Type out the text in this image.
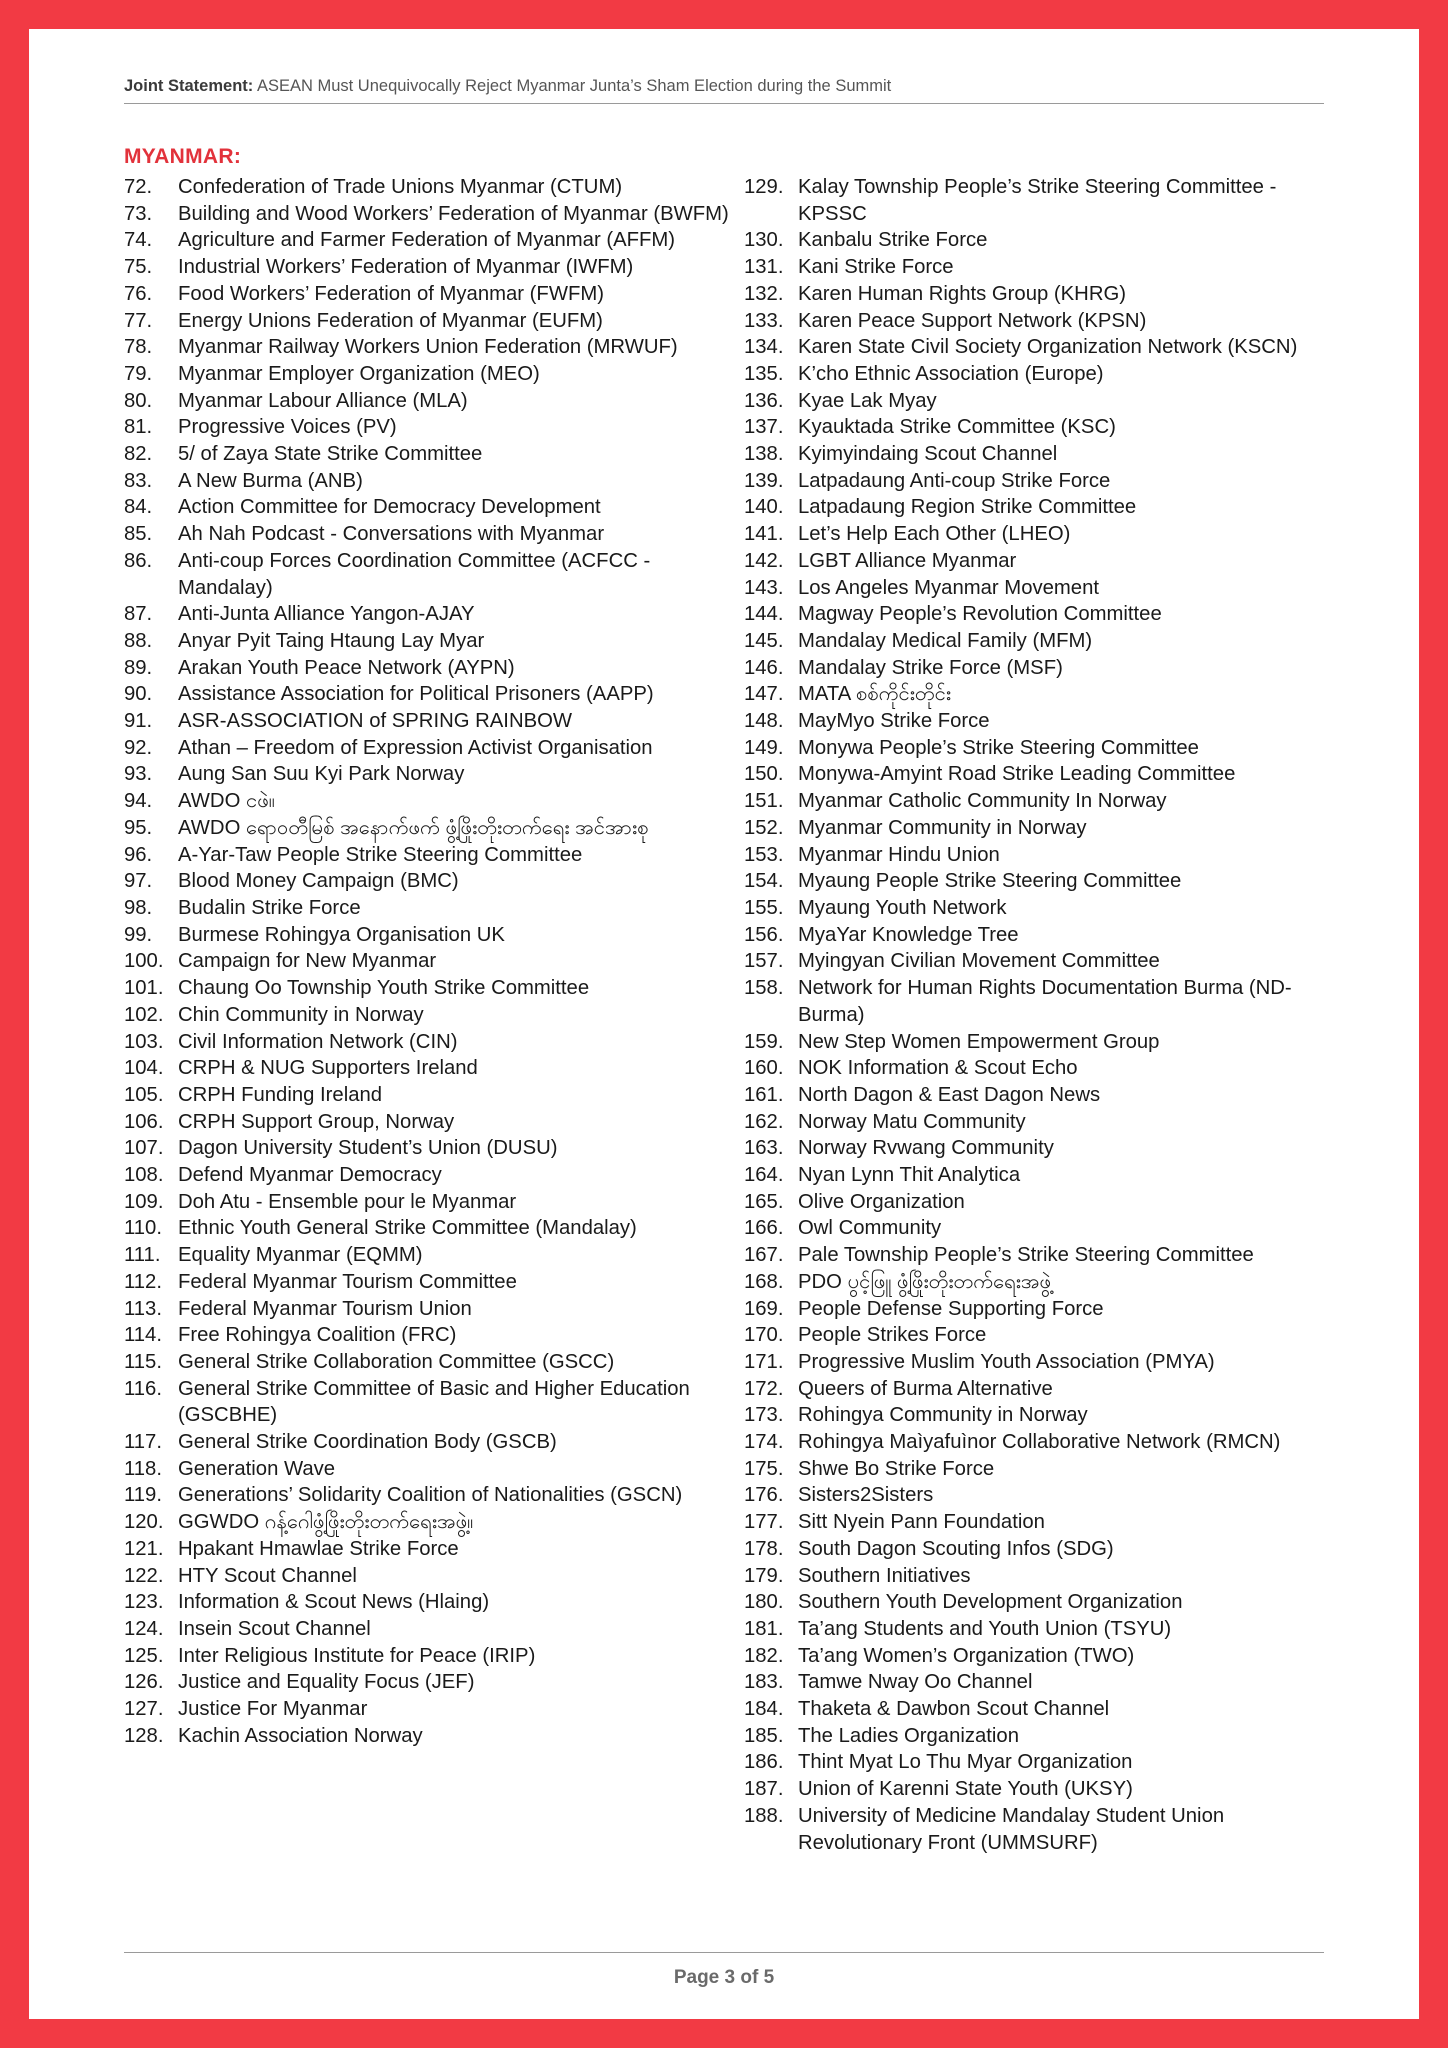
Joint Statement: ASEAN Must Unequivocally Reject Myanmar Junta’s Sham Election during the Summit
MYANMAR:
72.	Confederation of Trade Unions Myanmar (CTUM)
73.	Building and Wood Workers’ Federation of Myanmar (BWFM)
74.	Agriculture and Farmer Federation of Myanmar (AFFM)
75.	Industrial Workers’ Federation of Myanmar (IWFM)
76.	Food Workers’ Federation of Myanmar (FWFM)
77.	Energy Unions Federation of Myanmar (EUFM)
78.	Myanmar Railway Workers Union Federation (MRWUF)
79.	Myanmar Employer Organization (MEO)
80.	Myanmar Labour Alliance (MLA)
81.	Progressive Voices (PV)
82.	5/ of Zaya State Strike Committee
83.	A New Burma (ANB)
84.	Action Committee for Democracy Development
85.	Ah Nah Podcast - Conversations with Myanmar
86.	Anti-coup Forces Coordination Committee (ACFCC -Mandalay)
87.	Anti-Junta Alliance Yangon-AJAY
88.	Anyar Pyit Taing Htaung Lay Myar
89.	Arakan Youth Peace Network (AYPN)
90.	Assistance Association for Political Prisoners (AAPP)
91.	ASR-ASSOCIATION of SPRING RAINBOW
92.	Athan – Freedom of Expression Activist Organisation
93.	Aung San Suu Kyi Park Norway
94.	AWDO ငဖဲ။
95.	AWDO ရောဝတီမြစ် အနောက်ဖက် ဖွံ့ဖြိုးတိုးတက်ရေး အင်အားစု
96.	A-Yar-Taw People Strike Steering Committee
97.	Blood Money Campaign (BMC)
98.	Budalin Strike Force
99.	Burmese Rohingya Organisation UK
100. Campaign for New Myanmar
101. Chaung Oo Township Youth Strike Committee
102. Chin Community in Norway
103. Civil Information Network (CIN)
104. CRPH & NUG Supporters Ireland
105. CRPH Funding Ireland
106. CRPH Support Group, Norway
107. Dagon University Student’s Union (DUSU)
108. Defend Myanmar Democracy
109. Doh Atu - Ensemble pour le Myanmar
110. Ethnic Youth General Strike Committee (Mandalay)
111. Equality Myanmar (EQMM)
112. Federal Myanmar Tourism Committee
113. Federal Myanmar Tourism Union
114. Free Rohingya Coalition (FRC)
115. General Strike Collaboration Committee (GSCC)
116. General Strike Committee of Basic and Higher Education (GSCBHE)
117. General Strike Coordination Body (GSCB)
118. Generation Wave
119. Generations’ Solidarity Coalition of Nationalities (GSCN)
120. GGWDO ဂန့်ဂေါဖွံ့ဖြိုးတိုးတက်ရေးအဖွဲ့။
121. Hpakant Hmawlae Strike Force
122. HTY Scout Channel
123. Information & Scout News (Hlaing)
124. Insein Scout Channel
125. Inter Religious Institute for Peace (IRIP)
126. Justice and Equality Focus (JEF)
127. Justice For Myanmar
128. Kachin Association Norway
129. Kalay Township People’s Strike Steering Committee - KPSSC
130. Kanbalu Strike Force
131. Kani Strike Force
132. Karen Human Rights Group (KHRG)
133. Karen Peace Support Network (KPSN)
134. Karen State Civil Society Organization Network (KSCN)
135. K’cho Ethnic Association (Europe)
136. Kyae Lak Myay
137. Kyauktada Strike Committee (KSC)
138. Kyimyindaing Scout Channel
139. Latpadaung Anti-coup Strike Force
140. Latpadaung Region Strike Committee
141. Let’s Help Each Other (LHEO)
142. LGBT Alliance Myanmar
143. Los Angeles Myanmar Movement
144. Magway People’s Revolution Committee
145. Mandalay Medical Family (MFM)
146. Mandalay Strike Force (MSF)
147. MATA စစ်ကိုင်းတိုင်း
148. MayMyo Strike Force
149. Monywa People’s Strike Steering Committee
150. Monywa-Amyint Road Strike Leading Committee
151. Myanmar Catholic Community In Norway
152. Myanmar Community in Norway
153. Myanmar Hindu Union
154. Myaung People Strike Steering Committee
155. Myaung Youth Network
156. MyaYar Knowledge Tree
157. Myingyan Civilian Movement Committee
158. Network for Human Rights Documentation Burma (ND-Burma)
159. New Step Women Empowerment Group
160. NOK Information & Scout Echo
161. North Dagon & East Dagon News
162. Norway Matu Community
163. Norway Rvwang Community
164. Nyan Lynn Thit Analytica
165. Olive Organization
166. Owl Community
167. Pale Township People’s Strike Steering Committee
168. PDO ပွင့်ဖြူ ဖွံ့ဖြိုးတိုးတက်ရေးအဖွဲ့
169. People Defense Supporting Force
170. People Strikes Force
171. Progressive Muslim Youth Association (PMYA)
172. Queers of Burma Alternative
173. Rohingya Community in Norway
174. Rohingya Maìyafuìnor Collaborative Network (RMCN)
175. Shwe Bo Strike Force
176. Sisters2Sisters
177. Sitt Nyein Pann Foundation
178. South Dagon Scouting Infos (SDG)
179. Southern Initiatives
180. Southern Youth Development Organization
181. Ta’ang Students and Youth Union (TSYU)
182. Ta’ang Women’s Organization (TWO)
183. Tamwe Nway Oo Channel
184. Thaketa & Dawbon Scout Channel
185. The Ladies Organization
186. Thint Myat Lo Thu Myar Organization
187. Union of Karenni State Youth (UKSY)
188. University of Medicine Mandalay Student Union Revolutionary Front (UMMSURF)
Page 3 of 5
